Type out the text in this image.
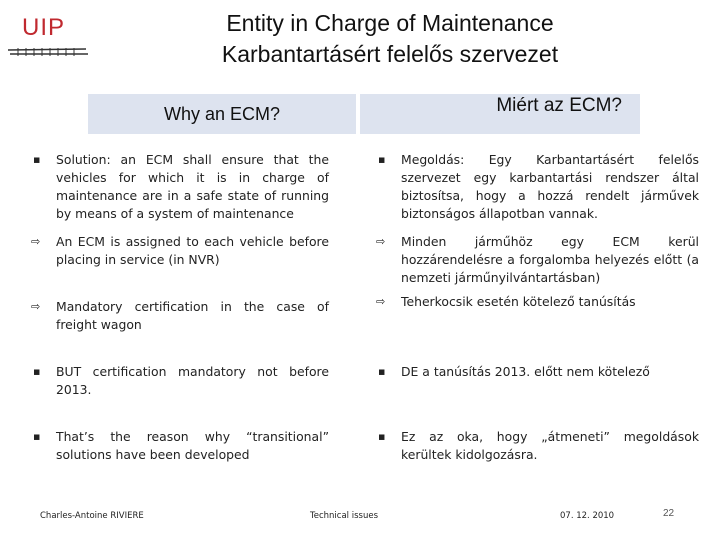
UIP	Entity in Charge of Maintenance
Karbantartásért felelős szervezet
Why an ECM?	Miért az ECM?
▪ Solution: an ECM shall ensure that the vehicles for which it is in charge of maintenance are in a safe state of running by means of a system of maintenance
⇨ An ECM is assigned to each vehicle before placing in service (in NVR)
⇨ Mandatory certification in the case of freight wagon
▪ BUT certification mandatory not before 2013.
▪ That’s the reason why “transitional” solutions have been developed
▪ Megoldás: Egy Karbantartásért felelős szervezet egy karbantartási rendszer által biztosítsa, hogy a hozzá rendelt járművek biztonságos állapotban vannak.
⇨ Minden járműhöz egy ECM kerül hozzárendelésre a forgalomba helyezés előtt (a nemzeti járműnyilvántartásban)
⇨ Teherkocsik esetén kötelező tanúsítás
▪ DE a tanúsítás 2013. előtt nem kötelező
▪ Ez az oka, hogy „átmeneti” megoldások kerültek kidolgozásra.
Charles-Antoine RIVIERE	Technical issues	07. 12. 2010	22
